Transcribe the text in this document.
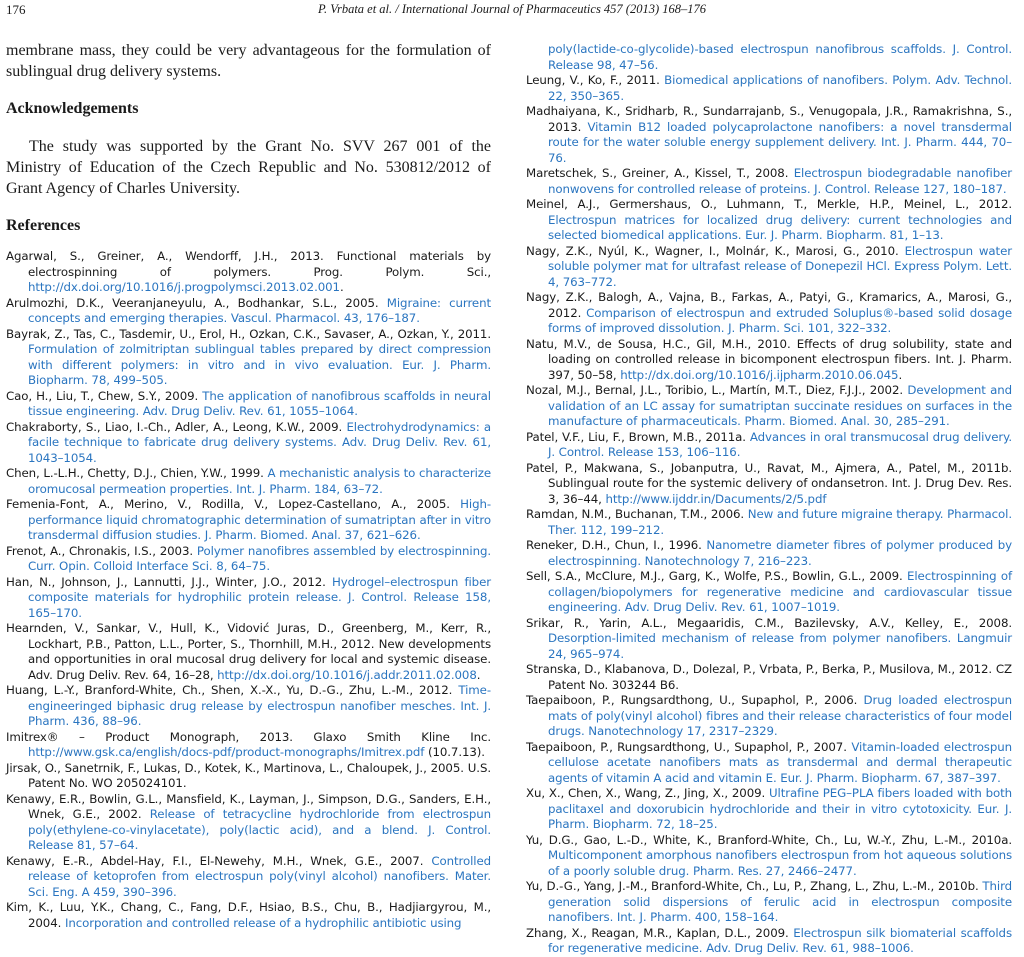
176	P. Vrbata et al. / International Journal of Pharmaceutics 457 (2013) 168–176

membrane mass, they could be very advantageous for the formulation of sublingual drug delivery systems.

Acknowledgements

The study was supported by the Grant No. SVV 267 001 of the Ministry of Education of the Czech Republic and No. 530812/2012 of Grant Agency of Charles University.

References
Agarwal, S., Greiner, A., Wendorff, J.H., 2013. Functional materials by electrospinning of polymers. Prog. Polym. Sci., http://dx.doi.org/10.1016/j.progpolymsci.2013.02.001.
Arulmozhi, D.K., Veeranjaneyulu, A., Bodhankar, S.L., 2005. Migraine: current concepts and emerging therapies. Vascul. Pharmacol. 43, 176–187.
Bayrak, Z., Tas, C., Tasdemir, U., Erol, H., Ozkan, C.K., Savaser, A., Ozkan, Y., 2011. Formulation of zolmitriptan sublingual tables prepared by direct compression with different polymers: in vitro and in vivo evaluation. Eur. J. Pharm. Biopharm. 78, 499–505.
Cao, H., Liu, T., Chew, S.Y., 2009. The application of nanofibrous scaffolds in neural tissue engineering. Adv. Drug Deliv. Rev. 61, 1055–1064.
Chakraborty, S., Liao, I.-Ch., Adler, A., Leong, K.W., 2009. Electrohydrodynamics: a facile technique to fabricate drug delivery systems. Adv. Drug Deliv. Rev. 61, 1043–1054.
Chen, L.-L.H., Chetty, D.J., Chien, Y.W., 1999. A mechanistic analysis to characterize oromucosal permeation properties. Int. J. Pharm. 184, 63–72.
Femenia-Font, A., Merino, V., Rodilla, V., Lopez-Castellano, A., 2005. High-performance liquid chromatographic determination of sumatriptan after in vitro transdermal diffusion studies. J. Pharm. Biomed. Anal. 37, 621–626.
Frenot, A., Chronakis, I.S., 2003. Polymer nanofibres assembled by electrospinning. Curr. Opin. Colloid Interface Sci. 8, 64–75.
Han, N., Johnson, J., Lannutti, J.J., Winter, J.O., 2012. Hydrogel–electrospun fiber composite materials for hydrophilic protein release. J. Control. Release 158, 165–170.
Hearnden, V., Sankar, V., Hull, K., Vidović Juras, D., Greenberg, M., Kerr, R., Lockhart, P.B., Patton, L.L., Porter, S., Thornhill, M.H., 2012. New developments and opportunities in oral mucosal drug delivery for local and systemic disease. Adv. Drug Deliv. Rev. 64, 16–28, http://dx.doi.org/10.1016/j.addr.2011.02.008.
Huang, L.-Y., Branford-White, Ch., Shen, X.-X., Yu, D.-G., Zhu, L.-M., 2012. Time-engineeringed biphasic drug release by electrospun nanofiber mesches. Int. J. Pharm. 436, 88–96.
Imitrex® – Product Monograph, 2013. Glaxo Smith Kline Inc. http://www.gsk.ca/english/docs-pdf/product-monographs/Imitrex.pdf (10.7.13).
Jirsak, O., Sanetrnik, F., Lukas, D., Kotek, K., Martinova, L., Chaloupek, J., 2005. U.S. Patent No. WO 205024101.
Kenawy, E.R., Bowlin, G.L., Mansfield, K., Layman, J., Simpson, D.G., Sanders, E.H., Wnek, G.E., 2002. Release of tetracycline hydrochloride from electrospun poly(ethylene-co-vinylacetate), poly(lactic acid), and a blend. J. Control. Release 81, 57–64.
Kenawy, E.-R., Abdel-Hay, F.I., El-Newehy, M.H., Wnek, G.E., 2007. Controlled release of ketoprofen from electrospun poly(vinyl alcohol) nanofibers. Mater. Sci. Eng. A 459, 390–396.
Kim, K., Luu, Y.K., Chang, C., Fang, D.F., Hsiao, B.S., Chu, B., Hadjiargyrou, M., 2004. Incorporation and controlled release of a hydrophilic antibiotic using
poly(lactide-co-glycolide)-based electrospun nanofibrous scaffolds. J. Control. Release 98, 47–56.
Leung, V., Ko, F., 2011. Biomedical applications of nanofibers. Polym. Adv. Technol. 22, 350–365.
Madhaiyana, K., Sridharb, R., Sundarrajanb, S., Venugopala, J.R., Ramakrishna, S., 2013. Vitamin B12 loaded polycaprolactone nanofibers: a novel transdermal route for the water soluble energy supplement delivery. Int. J. Pharm. 444, 70–76.
Maretschek, S., Greiner, A., Kissel, T., 2008. Electrospun biodegradable nanofiber nonwovens for controlled release of proteins. J. Control. Release 127, 180–187.
Meinel, A.J., Germershaus, O., Luhmann, T., Merkle, H.P., Meinel, L., 2012. Electrospun matrices for localized drug delivery: current technologies and selected biomedical applications. Eur. J. Pharm. Biopharm. 81, 1–13.
Nagy, Z.K., Nyúl, K., Wagner, I., Molnár, K., Marosi, G., 2010. Electrospun water soluble polymer mat for ultrafast release of Donepezil HCl. Express Polym. Lett. 4, 763–772.
Nagy, Z.K., Balogh, A., Vajna, B., Farkas, A., Patyi, G., Kramarics, A., Marosi, G., 2012. Comparison of electrospun and extruded Soluplus®-based solid dosage forms of improved dissolution. J. Pharm. Sci. 101, 322–332.
Natu, M.V., de Sousa, H.C., Gil, M.H., 2010. Effects of drug solubility, state and loading on controlled release in bicomponent electrospun fibers. Int. J. Pharm. 397, 50–58, http://dx.doi.org/10.1016/j.ijpharm.2010.06.045.
Nozal, M.J., Bernal, J.L., Toribio, L., Martín, M.T., Diez, F.J.J., 2002. Development and validation of an LC assay for sumatriptan succinate residues on surfaces in the manufacture of pharmaceuticals. Pharm. Biomed. Anal. 30, 285–291.
Patel, V.F., Liu, F., Brown, M.B., 2011a. Advances in oral transmucosal drug delivery. J. Control. Release 153, 106–116.
Patel, P., Makwana, S., Jobanputra, U., Ravat, M., Ajmera, A., Patel, M., 2011b. Sublingual route for the systemic delivery of ondansetron. Int. J. Drug Dev. Res. 3, 36–44, http://www.ijddr.in/Dacuments/2/5.pdf
Ramdan, N.M., Buchanan, T.M., 2006. New and future migraine therapy. Pharmacol. Ther. 112, 199–212.
Reneker, D.H., Chun, I., 1996. Nanometre diameter fibres of polymer produced by electrospinning. Nanotechnology 7, 216–223.
Sell, S.A., McClure, M.J., Garg, K., Wolfe, P.S., Bowlin, G.L., 2009. Electrospinning of collagen/biopolymers for regenerative medicine and cardiovascular tissue engineering. Adv. Drug Deliv. Rev. 61, 1007–1019.
Srikar, R., Yarin, A.L., Megaaridis, C.M., Bazilevsky, A.V., Kelley, E., 2008. Desorption-limited mechanism of release from polymer nanofibers. Langmuir 24, 965–974.
Stranska, D., Klabanova, D., Dolezal, P., Vrbata, P., Berka, P., Musilova, M., 2012. CZ Patent No. 303244 B6.
Taepaiboon, P., Rungsardthong, U., Supaphol, P., 2006. Drug loaded electrospun mats of poly(vinyl alcohol) fibres and their release characteristics of four model drugs. Nanotechnology 17, 2317–2329.
Taepaiboon, P., Rungsardthong, U., Supaphol, P., 2007. Vitamin-loaded electrospun cellulose acetate nanofibers mats as transdermal and dermal therapeutic agents of vitamin A acid and vitamin E. Eur. J. Pharm. Biopharm. 67, 387–397.
Xu, X., Chen, X., Wang, Z., Jing, X., 2009. Ultrafine PEG–PLA fibers loaded with both paclitaxel and doxorubicin hydrochloride and their in vitro cytotoxicity. Eur. J. Pharm. Biopharm. 72, 18–25.
Yu, D.G., Gao, L.-D., White, K., Branford-White, Ch., Lu, W.-Y., Zhu, L.-M., 2010a. Multicomponent amorphous nanofibers electrospun from hot aqueous solutions of a poorly soluble drug. Pharm. Res. 27, 2466–2477.
Yu, D.-G., Yang, J.-M., Branford-White, Ch., Lu, P., Zhang, L., Zhu, L.-M., 2010b. Third generation solid dispersions of ferulic acid in electrospun composite nanofibers. Int. J. Pharm. 400, 158–164.
Zhang, X., Reagan, M.R., Kaplan, D.L., 2009. Electrospun silk biomaterial scaffolds for regenerative medicine. Adv. Drug Deliv. Rev. 61, 988–1006.
